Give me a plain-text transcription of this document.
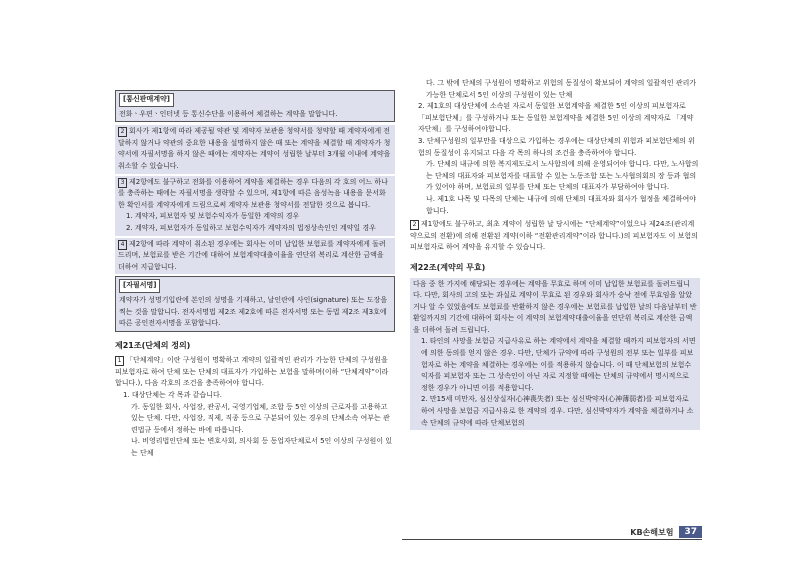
[통신판매계약]

전화ㆍ우편ㆍ인터넷 등 통신수단을 이용하여 체결하는 계약을 말합니다.

2 회사가 제1항에 따라 제공될 약관 및 계약자 보관용 청약서를 청약할 때 계약자에게 전달하지 않거나 약관의 중요한 내용을 설명하지 않은 때 또는 계약을 체결할 때 계약자가 청약서에 자필서명을 하지 않은 때에는 계약자는 계약이 성립한 날부터 3개월 이내에 계약을 취소할 수 있습니다.
3 제2항에도 불구하고 전화를 이용하여 계약을 체결하는 경우 다음의 각 호의 어느 하나를 충족하는 때에는 자필서명을 생략할 수 있으며, 제1항에 따른 음성녹음 내용을 문서화한 확인서를 계약자에게 드림으로써 계약자 보관용 청약서를 전달한 것으로 봅니다.
1. 계약자, 피보험자 및 보험수익자가 동일한 계약의 경우
2. 계약자, 피보험자가 동일하고 보험수익자가 계약자의 법정상속인인 계약일 경우
4 제2항에 따라 계약이 취소된 경우에는 회사는 이미 납입한 보험료를 계약자에게 돌려 드리며, 보험료를 받은 기간에 대하여 보험계약대출이율을 연단위 복리로 계산한 금액을 더하여 지급합니다.
[자필서명]

계약자가 성명기입란에 본인의 성명을 기재하고, 날인란에 사인(signature) 또는 도장을 찍는 것을 말합니다. 전자서명법 제2조 제2호에 따른 전자서명 또는 동법 제2조 제3호에 따른 공인전자서명을 포함합니다.

제21조(단체의 정의)
1 「단체계약」이란 구성원이 명확하고 계약의 일괄적인 관리가 가능한 단체의 구성원을 피보험자로 하여 단체 또는 단체의 대표자가 가입하는 보험을 말하며(이하 “단체계약”이라 합니다.), 다음 각호의 조건을 충족하여야 합니다.
1. 대상단체는 각 목과 같습니다.
가. 동일한 회사, 사업장, 관공서, 국영기업체, 조합 등 5인 이상의 근로자를 고용하고 있는 단체. 다만, 사업장, 직제, 직종 등으로 구분되어 있는 경우의 단체소속 여부는 관련법규 등에서 정하는 바에 따릅니다.
나. 비영리법인단체 또는 변호사회, 의사회 등 동업자단체로서 5인 이상의 구성원이 있는 단체
다. 그 밖에 단체의 구성원이 명확하고 위험의 동질성이 확보되어 계약의 일괄적인 관리가 가능한 단체로서 5인 이상의 구성원이 있는 단체
2. 제1호의 대상단체에 소속된 자로서 동일한 보험계약을 체결한 5인 이상의 피보험자로 「피보험단체」를 구성하거나 또는 동일한 보험계약을 체결한 5인 이상의 계약자로 「계약자단체」를 구성하여야합니다.
3. 단체구성원의 일부만을 대상으로 가입하는 경우에는 대상단체의 위험과 피보험단체의 위험의 동질성이 유지되고 다음 각 목의 하나의 조건을 충족하여야 합니다.
가. 단체의 내규에 의한 복지제도로서 노사합의에 의해 운영되어야 합니다. 다만, 노사합의는 단체의 대표자와 피보험자를 대표할 수 있는 노동조합 또는 노사협의회의 장 등과 협의가 있어야 하며, 보험료의 일부를 단체 또는 단체의 대표자가 부담하여야 합니다.
나. 제1호 나목 및 다목의 단체는 내규에 의해 단체의 대표자와 회사가 협정을 체결하여야 합니다.
2 제1항에도 불구하고, 최초 계약이 성립한 날 당시에는 “단체계약”이었으나 제24조(관리계약으로의 전환)에 의해 전환된 계약(이하 “전환관리계약”이라 합니다.)의 피보험자도 이 보험의 피보험자로 하여 계약을 유지할 수 있습니다.
제22조(계약의 무효)
다음 중 한 가지에 해당되는 경우에는 계약을 무효로 하며 이미 납입한 보험료를 돌려드립니다. 다만, 회사의 고의 또는 과실로 계약이 무효로 된 경우와 회사가 승낙 전에 무효임을 알았거나 알 수 있었음에도 보험료를 반환하지 않은 경우에는 보험료를 납입한 날의 다음날부터 반환일까지의 기간에 대하여 회사는 이 계약의 보험계약대출이율을 연단위 복리로 계산한 금액을 더하여 돌려 드립니다.
1. 타인의 사망을 보험금 지급사유로 하는 계약에서 계약을 체결할 때까지 피보험자의 서면에 의한 동의를 얻지 않은 경우. 다만, 단체가 규약에 따라 구성원의 전부 또는 일부를 피보험자로 하는 계약을 체결하는 경우에는 이를 적용하지 않습니다. 이 때 단체보험의 보험수익자를 피보험자 또는 그 상속인이 아닌 자로 지정할 때에는 단체의 규약에서 명시적으로 정한 경우가 아니면 이를 적용합니다.
2. 만15세 미만자, 심신상실자(心神喪失者) 또는 심신박약자(心神薄弱者)를 피보험자로 하여 사망을 보험금 지급사유로 한 계약의 경우. 다만, 심신박약자가 계약을 체결하거나 소속 단체의 규약에 따라 단체보험의
KB손해보험	37
